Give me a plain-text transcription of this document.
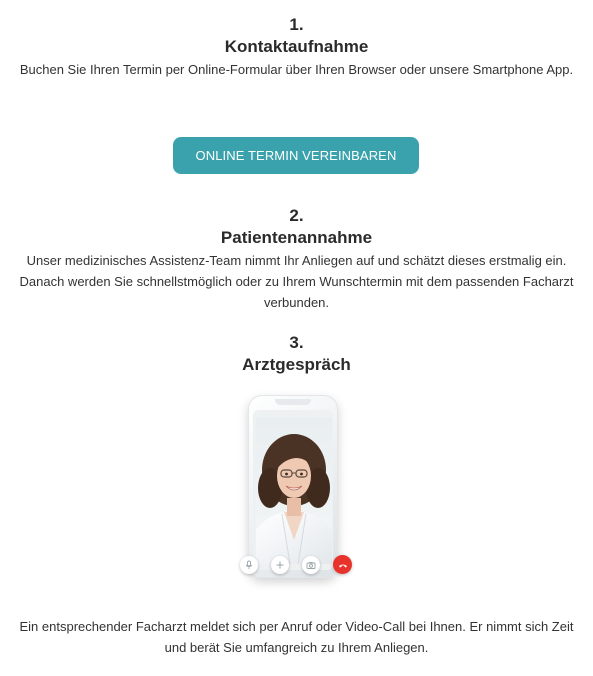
1.
Kontaktaufnahme
Buchen Sie Ihren Termin per Online-Formular über Ihren Browser oder unsere Smartphone App.
ONLINE TERMIN VEREINBAREN
2.
Patientenannahme
Unser medizinisches Assistenz-Team nimmt Ihr Anliegen auf und schätzt dieses erstmalig ein. Danach werden Sie schnellstmöglich oder zu Ihrem Wunschtermin mit dem passenden Facharzt verbunden.
3.
Arztgespräch
Ein entsprechender Facharzt meldet sich per Anruf oder Video-Call bei Ihnen. Er nimmt sich Zeit und berät Sie umfangreich zu Ihrem Anliegen.
